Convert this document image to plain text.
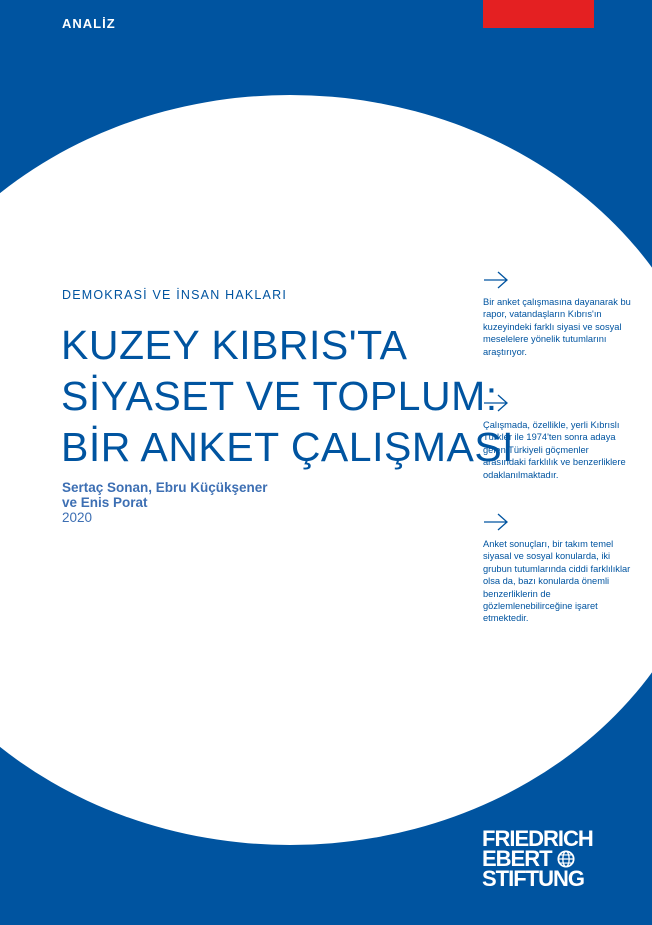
ANALİZ
DEMOKRASİ VE İNSAN HAKLARI
KUZEY KIBRIS'TA
SİYASET VE TOPLUM:
BİR ANKET ÇALIŞMASI
Sertaç Sonan, Ebru Küçükşener
ve Enis Porat
2020

Bir anket çalışmasına dayanarak bu rapor, vatandaşların Kıbrıs'ın kuzeyindeki farklı siyasi ve sosyal meselelere yönelik tutumlarını araştırıyor.

Çalışmada, özellikle, yerli Kıbrıslı Türkler ile 1974'ten sonra adaya gelen Türkiyeli göçmenler arasındaki farklılık ve benzerliklere odaklanılmaktadır.

Anket sonuçları, bir takım temel siyasal ve sosyal konularda, iki grubun tutumlarında ciddi farklılıklar olsa da, bazı konularda önemli benzerliklerin de gözlemlenebilirceğine işaret etmektedir.

FRIEDRICH
EBERT
STIFTUNG
